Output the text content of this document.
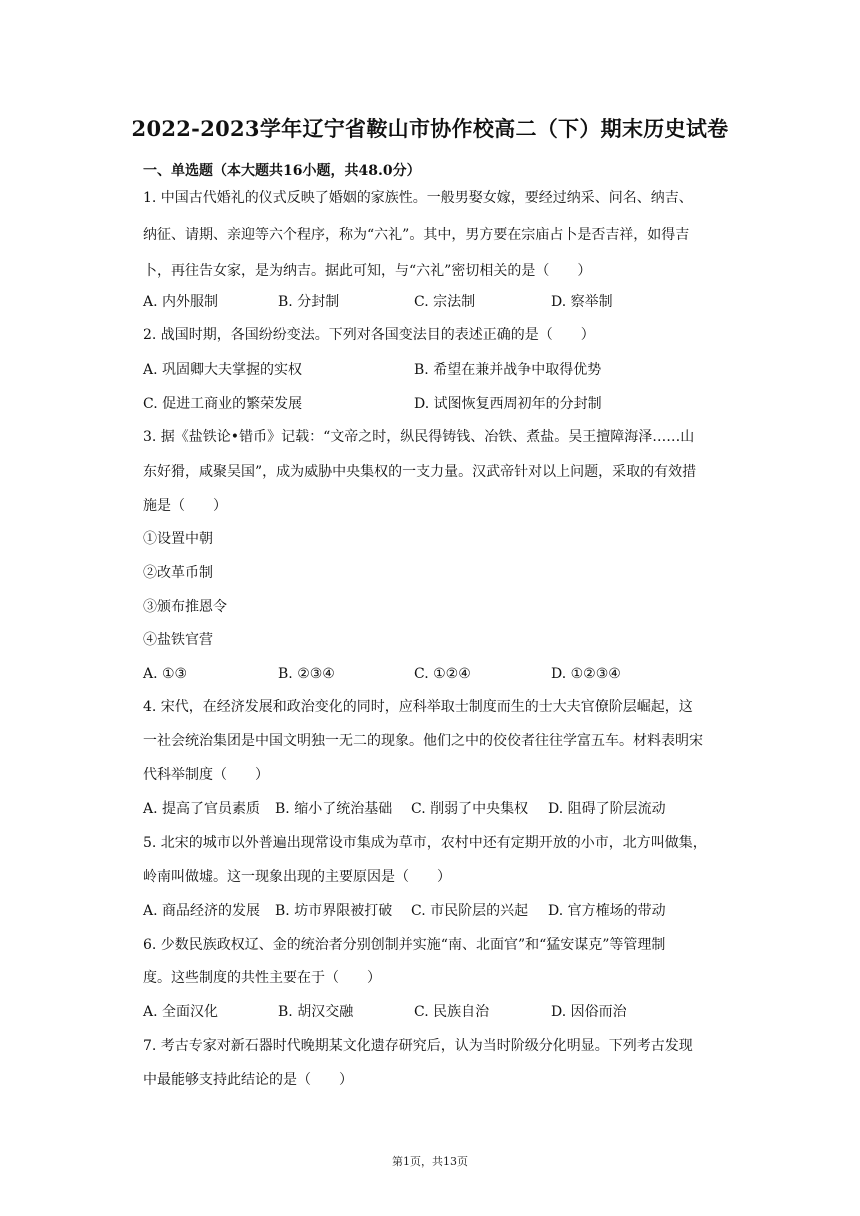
2022-2023学年辽宁省鞍山市协作校高二（下）期末历史试卷
一、单选题（本大题共16小题，共48.0分）
1. 中国古代婚礼的仪式反映了婚姻的家族性。一般男娶女嫁，要经过纳采、问名、纳吉、
纳征、请期、亲迎等六个程序，称为“六礼”。其中，男方要在宗庙占卜是否吉祥，如得吉
卜，再往告女家，是为纳吉。据此可知，与“六礼”密切相关的是（　　）
A. 内外服制	B. 分封制	C. 宗法制	D. 察举制
2. 战国时期，各国纷纷变法。下列对各国变法目的表述正确的是（　　）
A. 巩固卿大夫掌握的实权	B. 希望在兼并战争中取得优势
C. 促进工商业的繁荣发展	D. 试图恢复西周初年的分封制
3. 据《盐铁论•错币》记载：“文帝之时，纵民得铸钱、冶铁、煮盐。吴王擅障海泽……山
东好猾，咸聚吴国”，成为威胁中央集权的一支力量。汉武帝针对以上问题，采取的有效措
施是（　　）
①设置中朝
②改革币制
③颁布推恩令
④盐铁官营
A. ①③	B. ②③④	C. ①②④	D. ①②③④
4. 宋代，在经济发展和政治变化的同时，应科举取士制度而生的士大夫官僚阶层崛起，这
一社会统治集团是中国文明独一无二的现象。他们之中的佼佼者往往学富五车。材料表明宋
代科举制度（　　）
A. 提高了官员素质 B. 缩小了统治基础 C. 削弱了中央集权 D. 阻碍了阶层流动
5. 北宋的城市以外普遍出现常设市集成为草市，农村中还有定期开放的小市，北方叫做集，
岭南叫做墟。这一现象出现的主要原因是（　　）
A. 商品经济的发展 B. 坊市界限被打破 C. 市民阶层的兴起 D. 官方榷场的带动
6. 少数民族政权辽、金的统治者分别创制并实施“南、北面官”和“猛安谋克”等管理制
度。这些制度的共性主要在于（　　）
A. 全面汉化	B. 胡汉交融	C. 民族自治	D. 因俗而治
7. 考古专家对新石器时代晚期某文化遗存研究后，认为当时阶级分化明显。下列考古发现
中最能够支持此结论的是（　　）
第1页，共13页
